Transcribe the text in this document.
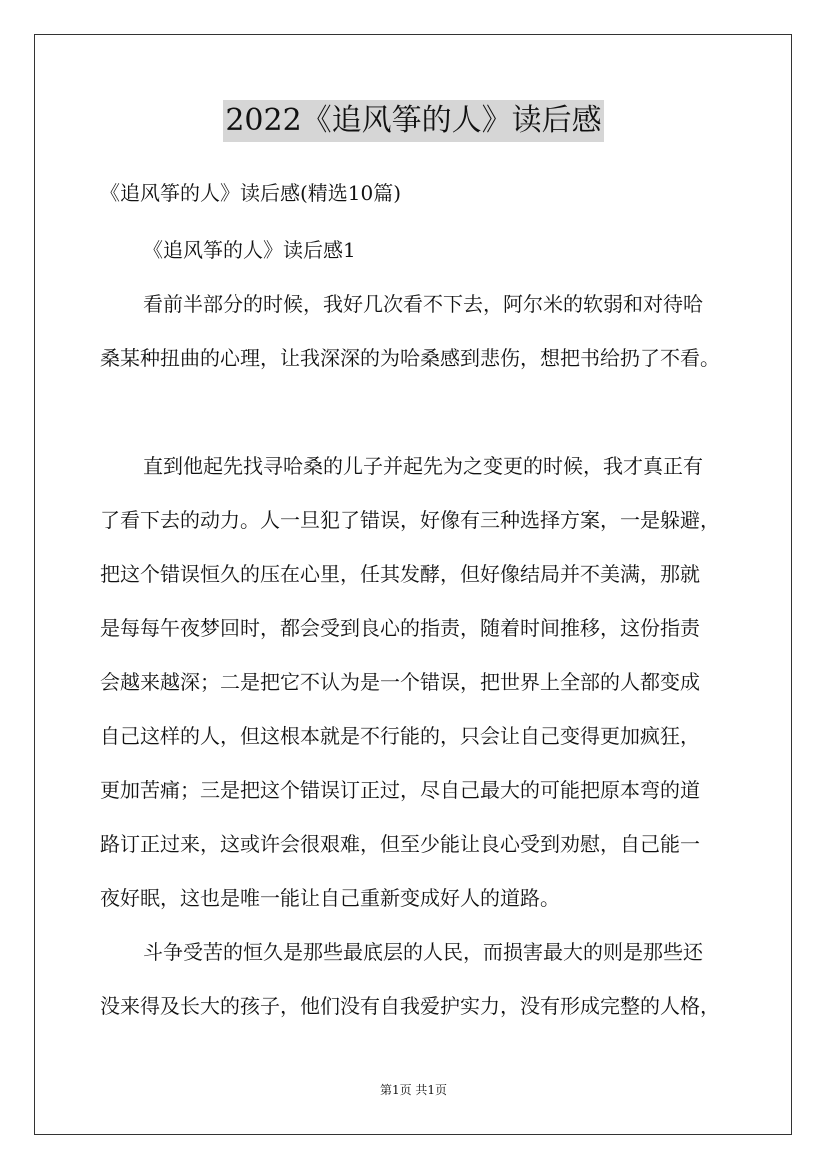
2022《追风筝的人》读后感
《追风筝的人》读后感(精选10篇)
《追风筝的人》读后感1
看前半部分的时候，我好几次看不下去，阿尔米的软弱和对待哈
桑某种扭曲的心理，让我深深的为哈桑感到悲伤，想把书给扔了不看。
直到他起先找寻哈桑的儿子并起先为之变更的时候，我才真正有
了看下去的动力。人一旦犯了错误，好像有三种选择方案，一是躲避，
把这个错误恒久的压在心里，任其发酵，但好像结局并不美满，那就
是每每午夜梦回时，都会受到良心的指责，随着时间推移，这份指责
会越来越深；二是把它不认为是一个错误，把世界上全部的人都变成
自己这样的人，但这根本就是不行能的，只会让自己变得更加疯狂，
更加苦痛；三是把这个错误订正过，尽自己最大的可能把原本弯的道
路订正过来，这或许会很艰难，但至少能让良心受到劝慰，自己能一
夜好眠，这也是唯一能让自己重新变成好人的道路。
斗争受苦的恒久是那些最底层的人民，而损害最大的则是那些还
没来得及长大的孩子，他们没有自我爱护实力，没有形成完整的人格，
第1页 共1页
